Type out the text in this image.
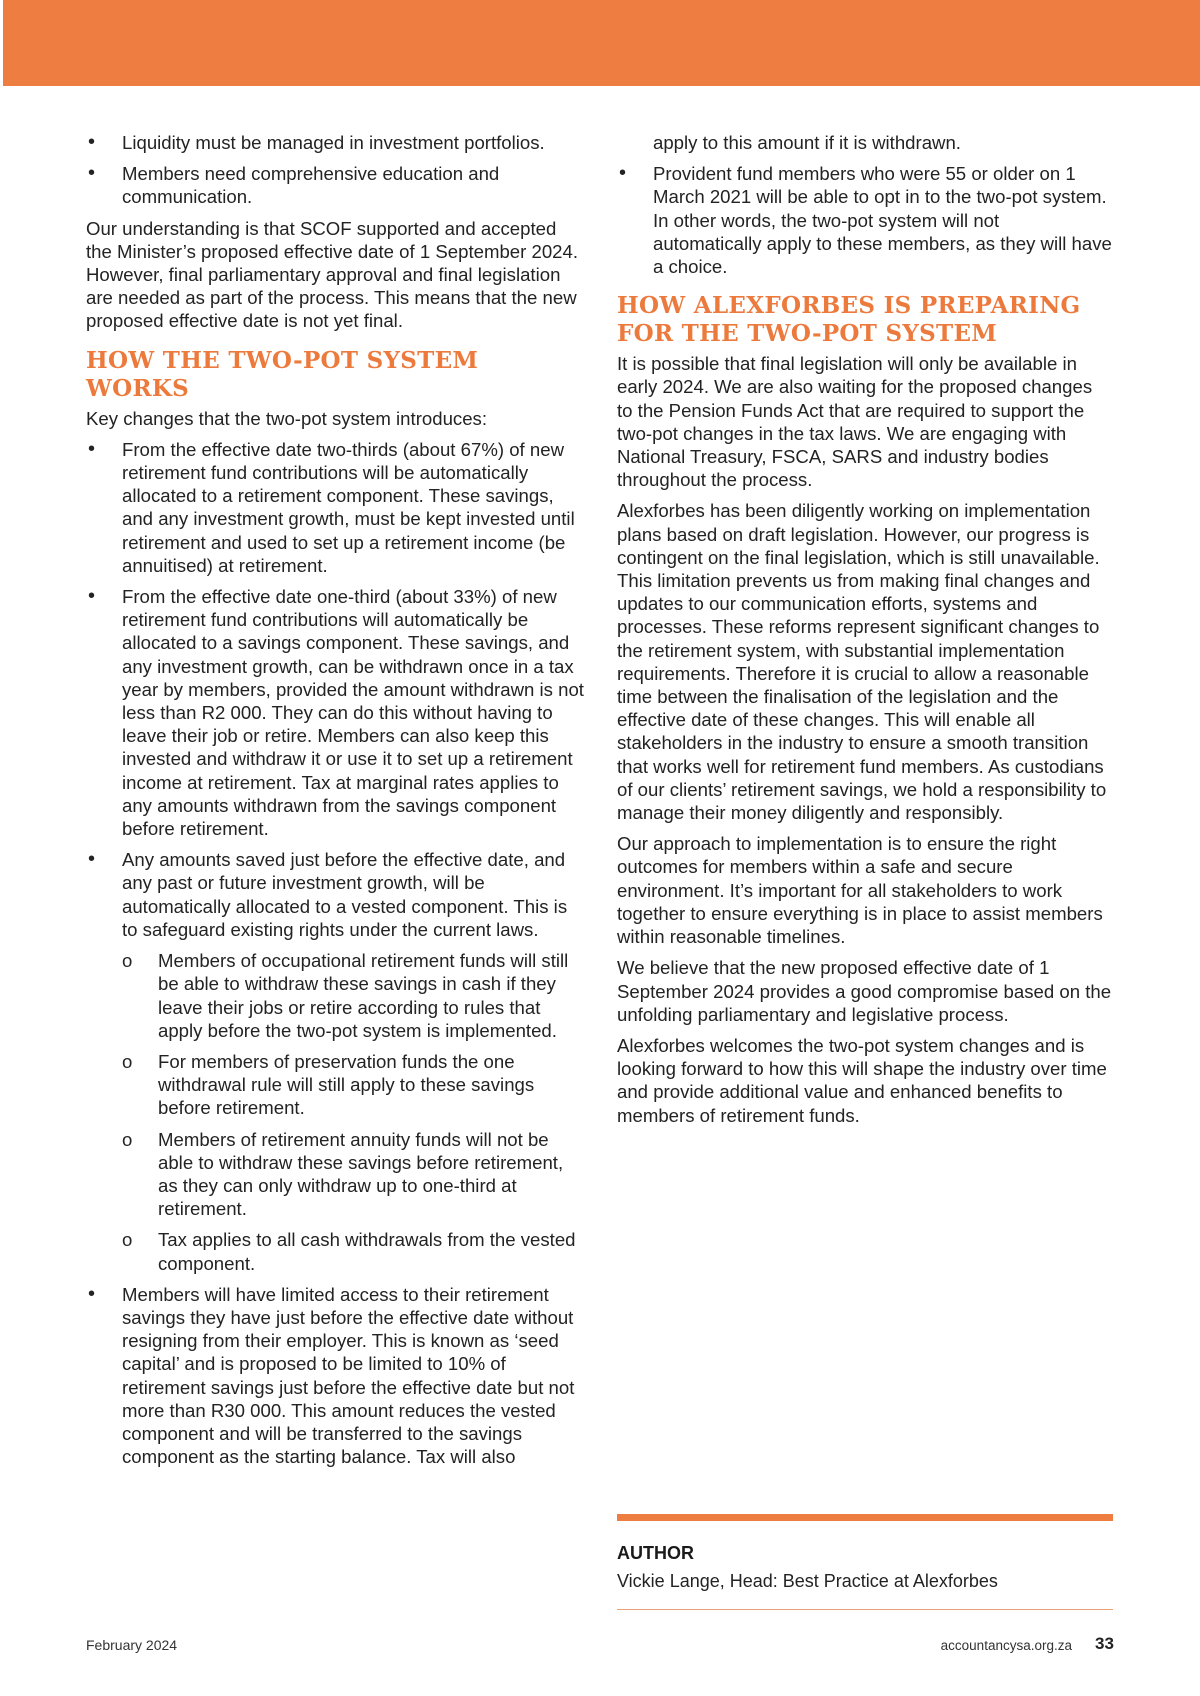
• Liquidity must be managed in investment portfolios.
• Members need comprehensive education and communication.

Our understanding is that SCOF supported and accepted the Minister’s proposed effective date of 1 September 2024. However, final parliamentary approval and final legislation are needed as part of the process. This means that the new proposed effective date is not yet final.

HOW THE TWO-POT SYSTEM WORKS

Key changes that the two-pot system introduces:

• From the effective date two-thirds (about 67%) of new retirement fund contributions will be automatically allocated to a retirement component. These savings, and any investment growth, must be kept invested until retirement and used to set up a retirement income (be annuitised) at retirement.
• From the effective date one-third (about 33%) of new retirement fund contributions will automatically be allocated to a savings component. These savings, and any investment growth, can be withdrawn once in a tax year by members, provided the amount withdrawn is not less than R2 000. They can do this without having to leave their job or retire. Members can also keep this invested and withdraw it or use it to set up a retirement income at retirement. Tax at marginal rates applies to any amounts withdrawn from the savings component before retirement.
• Any amounts saved just before the effective date, and any past or future investment growth, will be automatically allocated to a vested component. This is to safeguard existing rights under the current laws.
o Members of occupational retirement funds will still be able to withdraw these savings in cash if they leave their jobs or retire according to rules that apply before the two-pot system is implemented.
o For members of preservation funds the one withdrawal rule will still apply to these savings before retirement.
o Members of retirement annuity funds will not be able to withdraw these savings before retirement, as they can only withdraw up to one-third at retirement.
o Tax applies to all cash withdrawals from the vested component.
• Members will have limited access to their retirement savings they have just before the effective date without resigning from their employer. This is known as ‘seed capital’ and is proposed to be limited to 10% of retirement savings just before the effective date but not more than R30 000. This amount reduces the vested component and will be transferred to the savings component as the starting balance. Tax will also

apply to this amount if it is withdrawn.

• Provident fund members who were 55 or older on 1 March 2021 will be able to opt in to the two-pot system. In other words, the two-pot system will not automatically apply to these members, as they will have a choice.
HOW ALEXFORBES IS PREPARING FOR THE TWO-POT SYSTEM

It is possible that final legislation will only be available in early 2024. We are also waiting for the proposed changes to the Pension Funds Act that are required to support the two-pot changes in the tax laws. We are engaging with National Treasury, FSCA, SARS and industry bodies throughout the process.

Alexforbes has been diligently working on implementation plans based on draft legislation. However, our progress is contingent on the final legislation, which is still unavailable. This limitation prevents us from making final changes and updates to our communication efforts, systems and processes. These reforms represent significant changes to the retirement system, with substantial implementation requirements. Therefore it is crucial to allow a reasonable time between the finalisation of the legislation and the effective date of these changes. This will enable all stakeholders in the industry to ensure a smooth transition that works well for retirement fund members. As custodians of our clients’ retirement savings, we hold a responsibility to manage their money diligently and responsibly.

Our approach to implementation is to ensure the right outcomes for members within a safe and secure environment. It’s important for all stakeholders to work together to ensure everything is in place to assist members within reasonable timelines.

We believe that the new proposed effective date of 1 September 2024 provides a good compromise based on the unfolding parliamentary and legislative process.

Alexforbes welcomes the two-pot system changes and is looking forward to how this will shape the industry over time and provide additional value and enhanced benefits to members of retirement funds.

AUTHOR
Vickie Lange, Head: Best Practice at Alexforbes
February 2024	accountancysa.org.za 33
